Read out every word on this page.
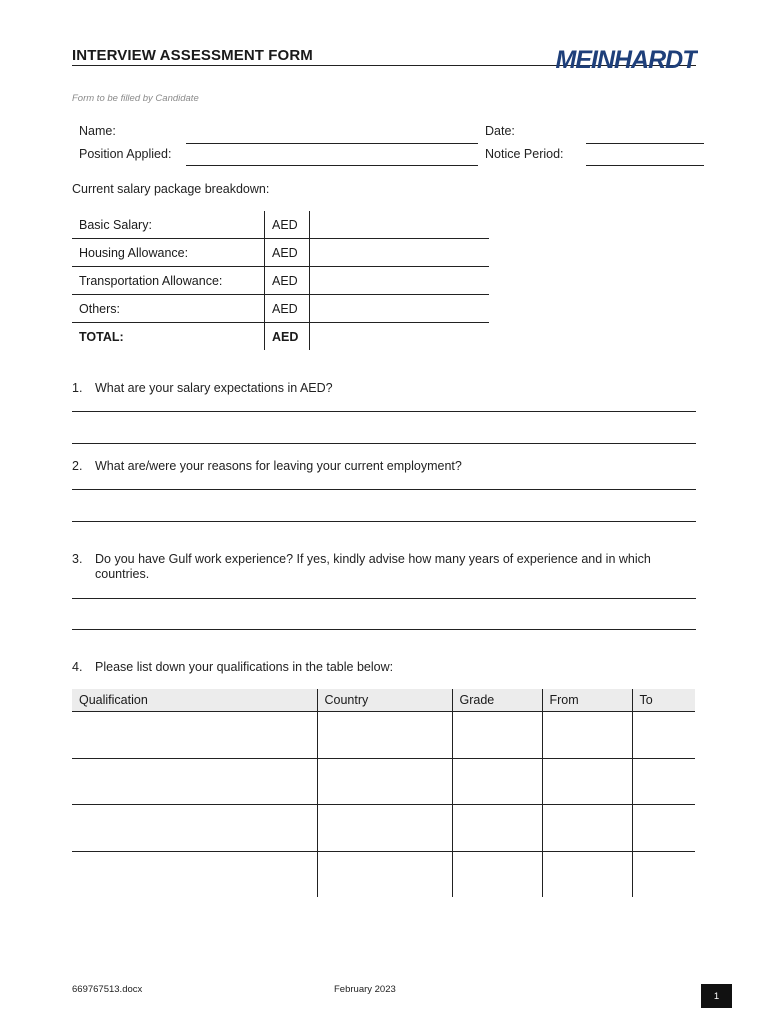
INTERVIEW ASSESSMENT FORM	MEINHARDT
Form to be filled by Candidate
Name:	Date:
Position Applied:	Notice Period:
Current salary package breakdown:
Basic Salary:	AED	
Housing Allowance:	AED	
Transportation Allowance:	AED	
Others:	AED	
TOTAL:	AED	
1. What are your salary expectations in AED?
2. What are/were your reasons for leaving your current employment?
3. Do you have Gulf work experience? If yes, kindly advise how many years of experience and in which countries.
4. Please list down your qualifications in the table below:
Qualification	Country	Grade	From	To

669767513.docx	February 2023
1
